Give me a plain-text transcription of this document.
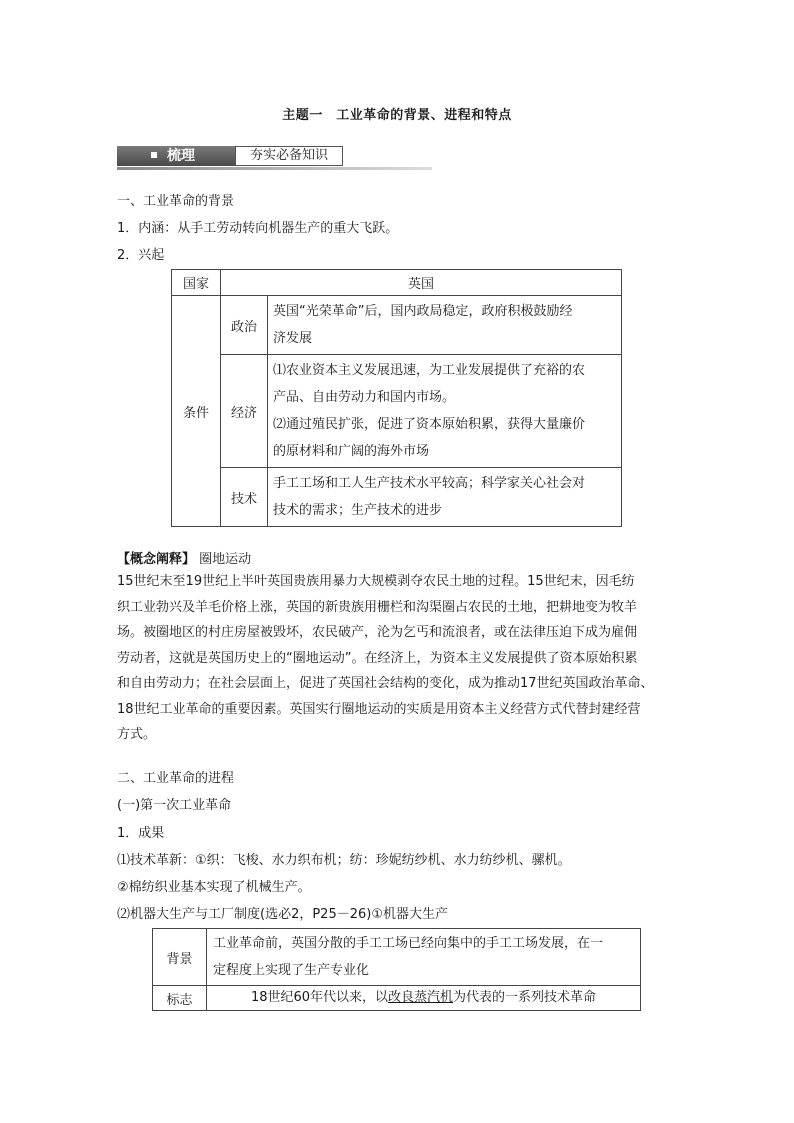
主题一　工业革命的背景、进程和特点
梳理	夯实必备知识
一、工业革命的背景
1．内涵：从手工劳动转向机器生产的重大飞跃。
2．兴起
国家	英国	
条件	政治	英国“光荣革命”后，国内政局稳定，政府积极鼓励经
济发展

	经济	⑴农业资本主义发展迅速，为工业发展提供了充裕的农
产品、自由劳动力和国内市场。
⑵通过殖民扩张，促进了资本原始积累，获得大量廉价
的原材料和广阔的海外市场

	技术	手工工场和工人生产技术水平较高；科学家关心社会对
技术的需求；生产技术的进步
【概念阐释】 圈地运动
15世纪末至19世纪上半叶英国贵族用暴力大规模剥夺农民土地的过程。15世纪末，因毛纺
织工业勃兴及羊毛价格上涨，英国的新贵族用栅栏和沟渠圈占农民的土地，把耕地变为牧羊
场。被圈地区的村庄房屋被毁坏，农民破产，沦为乞丐和流浪者，或在法律压迫下成为雇佣
劳动者，这就是英国历史上的“圈地运动”。在经济上，为资本主义发展提供了资本原始积累
和自由劳动力；在社会层面上，促进了英国社会结构的变化，成为推动17世纪英国政治革命、
18世纪工业革命的重要因素。英国实行圈地运动的实质是用资本主义经营方式代替封建经营
方式。
二、工业革命的进程
(一)第一次工业革命
1．成果
⑴技术革新：①织：飞梭、水力织布机；纺：珍妮纺纱机、水力纺纱机、骡机。
②棉纺织业基本实现了机械生产。
⑵机器大生产与工厂制度(选必2，P25－26)①机器大生产
背景	工业革命前，英国分散的手工工场已经向集中的手工工场发展，在一
定程度上实现了生产专业化

标志	18世纪60年代以来，以改良蒸汽机为代表的一系列技术革命
